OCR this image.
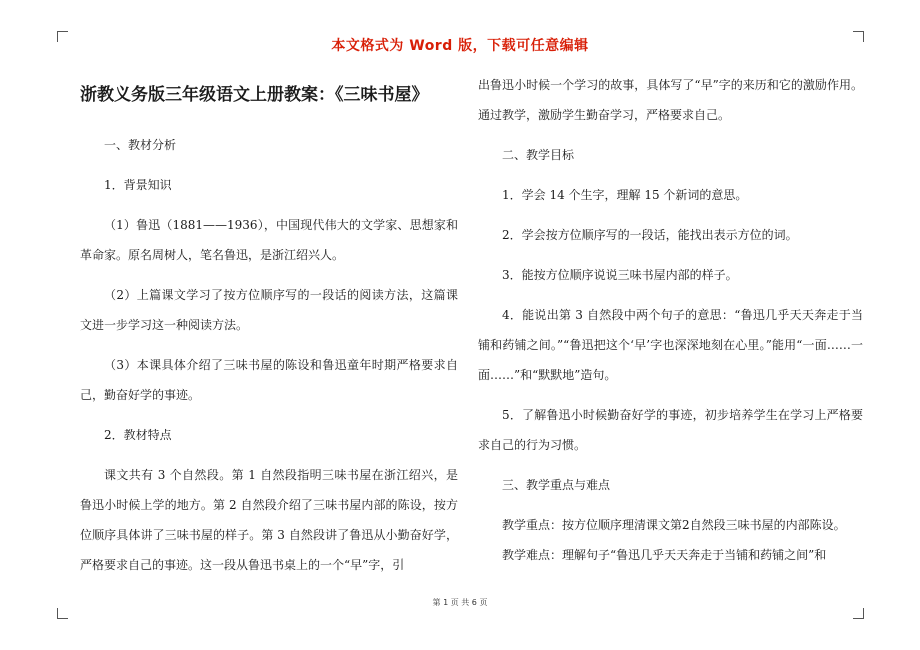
本文格式为 Word 版，下载可任意编辑
浙教义务版三年级语文上册教案：《三味书屋》

一、教材分析

1．背景知识

（1）鲁迅（1881——1936），中国现代伟大的文学家、思想家和革命家。原名周树人，笔名鲁迅，是浙江绍兴人。

（2）上篇课文学习了按方位顺序写的一段话的阅读方法，这篇课文进一步学习这一种阅读方法。

（3）本课具体介绍了三味书屋的陈设和鲁迅童年时期严格要求自己，勤奋好学的事迹。

2．教材特点

课文共有 3 个自然段。第 1 自然段指明三味书屋在浙江绍兴，是鲁迅小时候上学的地方。第 2 自然段介绍了三味书屋内部的陈设，按方位顺序具体讲了三味书屋的样子。第 3 自然段讲了鲁迅从小勤奋好学，严格要求自己的事迹。这一段从鲁迅书桌上的一个“早”字，引

出鲁迅小时候一个学习的故事，具体写了“早”字的来历和它的激励作用。通过教学，激励学生勤奋学习，严格要求自己。

二、教学目标

1．学会 14 个生字，理解 15 个新词的意思。

2．学会按方位顺序写的一段话，能找出表示方位的词。

3．能按方位顺序说说三味书屋内部的样子。

4．能说出第 3 自然段中两个句子的意思：“鲁迅几乎天天奔走于当铺和药铺之间。”“鲁迅把这个‘早’字也深深地刻在心里。”能用“一面……一面……”和“默默地”造句。

5．了解鲁迅小时候勤奋好学的事迹，初步培养学生在学习上严格要求自己的行为习惯。

三、教学重点与难点

教学重点：按方位顺序理清课文第2自然段三味书屋的内部陈设。

教学难点：理解句子“鲁迅几乎天天奔走于当铺和药铺之间”和

第 1 页 共 6 页
